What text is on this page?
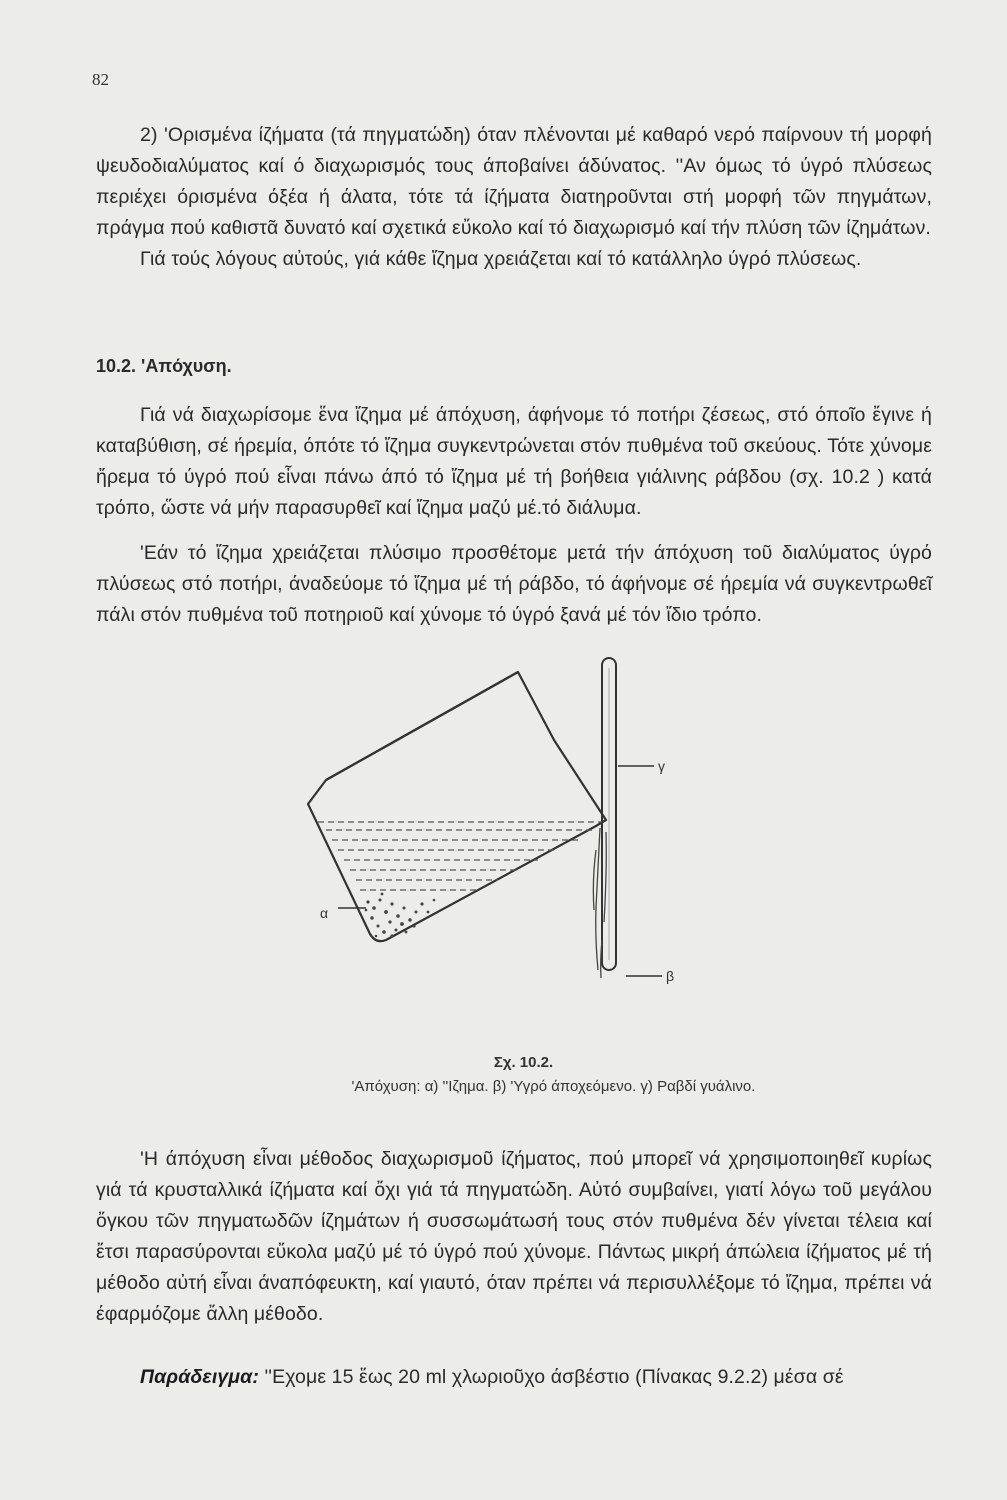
82

2) 'Ορισμένα ίζήματα (τά πηγματώδη) όταν πλένονται μέ καθαρό νερό παίρνουν τή μορφή ψευδοδιαλύματος καί ό διαχωρισμός τους άποβαίνει άδύνατος. ''Αν όμως τό ύγρό πλύσεως περιέχει όρισμένα όξέα ή άλατα, τότε τά ίζήματα διατηροῦνται στή μορφή τῶν πηγμάτων, πράγμα πού καθιστᾶ δυνατό καί σχετικά εὔκολο καί τό διαχωρισμό καί τήν πλύση τῶν ίζημάτων.

Γιά τούς λόγους αὐτούς, γιά κάθε ἴζημα χρειάζεται καί τό κατάλληλο ύγρό πλύσεως.

10.2. 'Απόχυση.

Γιά νά διαχωρίσομε ἕνα ἴζημα μέ άπόχυση, άφήνομε τό ποτήρι ζέσεως, στό όποῖο ἔγινε ή καταβύθιση, σέ ήρεμία, όπότε τό ἴζημα συγκεντρώνεται στόν πυθμένα τοῦ σκεύους. Τότε χύνομε ἤρεμα τό ύγρό πού εἶναι πάνω άπό τό ἴζημα μέ τή βοήθεια γιάλινης ράβδου (σχ. 10.2 ) κατά τρόπο, ὥστε νά μήν παρασυρθεῖ καί ἴζημα μαζύ μέ.τό διάλυμα.

'Εάν τό ἴζημα χρειάζεται πλύσιμο προσθέτομε μετά τήν άπόχυση τοῦ διαλύματος ύγρό πλύσεως στό ποτήρι, άναδεύομε τό ἴζημα μέ τή ράβδο, τό άφήνομε σέ ήρεμία νά συγκεντρωθεῖ πάλι στόν πυθμένα τοῦ ποτηριοῦ καί χύνομε τό ύγρό ξανά μέ τόν ἴδιο τρόπο.

γ
α
β

Σχ. 10.2.

'Απόχυση: α) ''Ιζημα. β) 'Υγρό άποχεόμενο. γ) Ραβδί γυάλινο.

'Η άπόχυση εἶναι μέθοδος διαχωρισμοῦ ίζήματος, πού μπορεῖ νά χρησιμοποιηθεῖ κυρίως γιά τά κρυσταλλικά ίζήματα καί ὄχι γιά τά πηγματώδη. Αὐτό συμβαίνει, γιατί λόγω τοῦ μεγάλου ὄγκου τῶν πηγματωδῶν ίζημάτων ή συσσωμάτωσή τους στόν πυθμένα δέν γίνεται τέλεια καί ἔτσι παρασύρονται εὔκολα μαζύ μέ τό ύγρό πού χύνομε. Πάντως μικρή άπώλεια ίζήματος μέ τή μέθοδο αὐτή εἶναι άναπόφευκτη, καί γιαυτό, όταν πρέπει νά περισυλλέξομε τό ἴζημα, πρέπει νά έφαρμόζομε ἄλλη μέθοδο.

Παράδειγμα: ''Εχομε 15 ἕως 20 ml χλωριοῦχο άσβέστιο (Πίνακας 9.2.2) μέσα σέ
